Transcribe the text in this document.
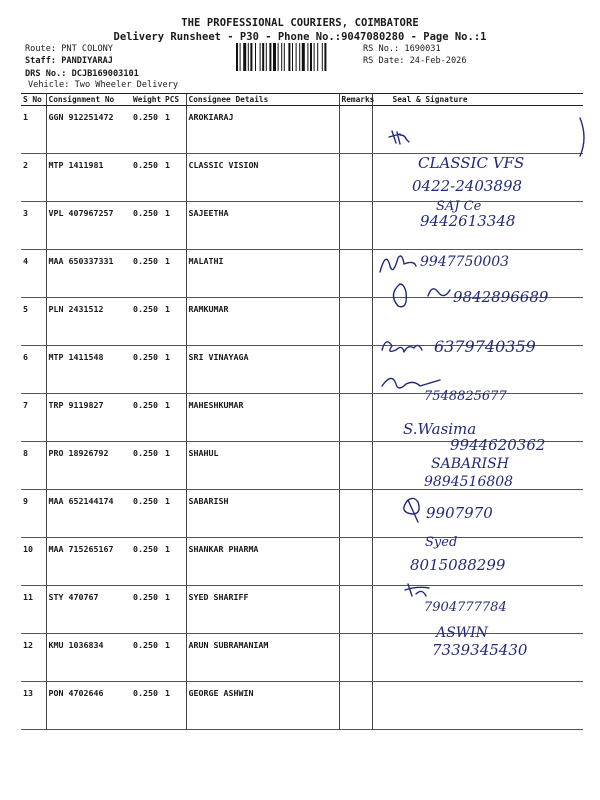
THE PROFESSIONAL COURIERS, COIMBATORE
Delivery Runsheet - P30 - Phone No.:9047080280 - Page No.:1
Route: PNT COLONY
Staff: PANDIYARAJ
DRS No.: DCJB169003101
Vehicle: Two Wheeler Delivery
RS No.: 1690031
RS Date: 24-Feb-2026
S No	Consignment No	Weight	PCS	Consignee Details	Remarks	Seal & Signature
1	GGN 912251472	0.250	1	AROKIARAJ		
2	MTP 1411981	0.250	1	CLASSIC VISION		
3	VPL 407967257	0.250	1	SAJEETHA		
4	MAA 650337331	0.250	1	MALATHI		
5	PLN 2431512	0.250	1	RAMKUMAR		
6	MTP 1411548	0.250	1	SRI VINAYAGA		
7	TRP 9119827	0.250	1	MAHESHKUMAR		
8	PRO 18926792	0.250	1	SHAHUL		
9	MAA 652144174	0.250	1	SABARISH		
10	MAA 715265167	0.250	1	SHANKAR PHARMA		
11	STY 470767	0.250	1	SYED SHARIFF		
12	KMU 1036834	0.250	1	ARUN SUBRAMANIAM		
13	PON 4702646	0.250	1	GEORGE ASHWIN		
CLASSIC VFS
0422-2403898
SAJ Ce
9442613348
9947750003
9842896689
6379740359
7548825677
S.Wasima
9944620362
SABARISH
9894516808
9907970
Syed
8015088299
7904777784
ASWIN
7339345430
